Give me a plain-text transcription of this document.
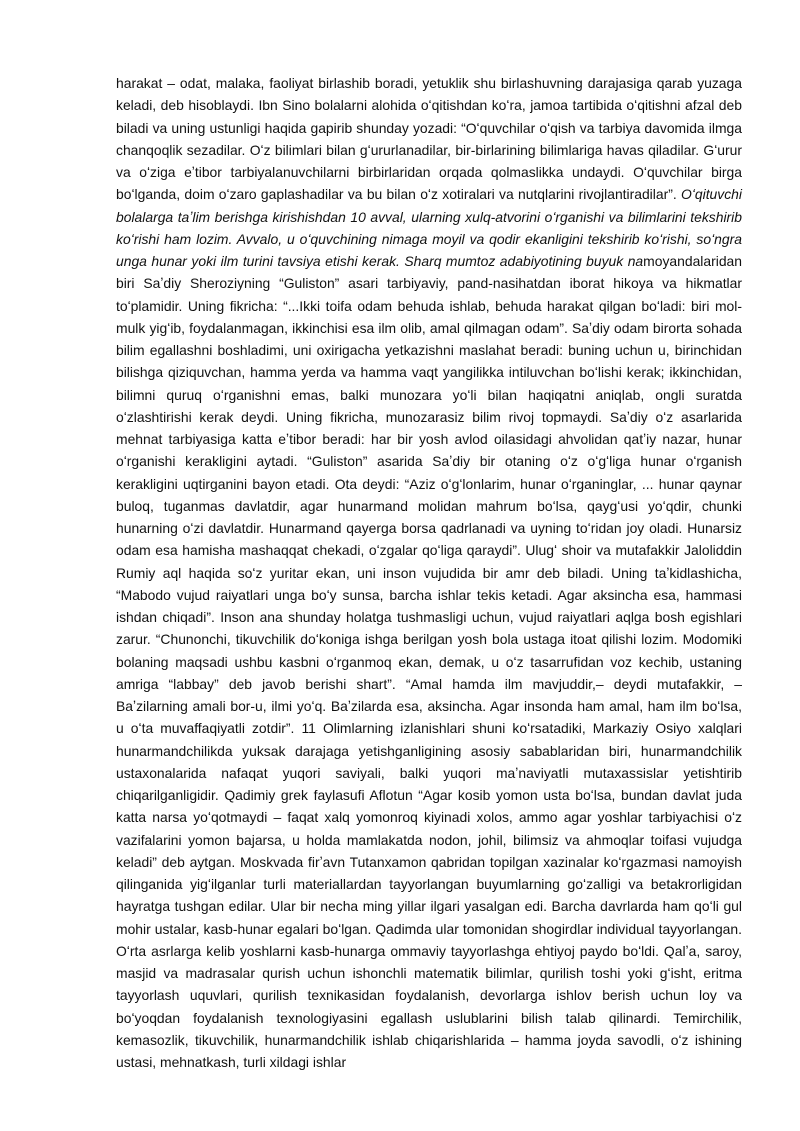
harakat – odat, malaka, faoliyat birlashib boradi, yetuklik shu birlashuvning darajasiga qarab yuzaga keladi, deb hisoblaydi. Ibn Sino bolalarni alohida oʻqitishdan koʻra, jamoa tartibida oʻqitishni afzal deb biladi va uning ustunligi haqida gapirib shunday yozadi: “Oʻquvchilar oʻqish va tarbiya davomida ilmga chanqoqlik sezadilar. Oʻz bilimlari bilan gʻururlanadilar, bir-birlarining bilimlariga havas qiladilar. Gʻurur va oʻziga eʼtibor tarbiyalanuvchilarni birbirlaridan orqada qolmaslikka undaydi. Oʻquvchilar birga boʻlganda, doim oʻzaro gaplashadilar va bu bilan oʻz xotiralari va nutqlarini rivojlantiradilar”. Oʻqituvchi bolalarga taʼlim berishga kirishishdan 10 avval, ularning xulq-atvorini oʻrganishi va bilimlarini tekshirib koʻrishi ham lozim. Avvalo, u oʻquvchining nimaga moyil va qodir ekanligini tekshirib koʻrishi, soʻngra unga hunar yoki ilm turini tavsiya etishi kerak. Sharq mumtoz adabiyotining buyuk namoyandalaridan biri Saʼdiy Sheroziyning “Guliston” asari tarbiyaviy, pand-nasihatdan iborat hikoya va hikmatlar toʻplamidir. Uning fikricha: “...Ikki toifa odam behuda ishlab, behuda harakat qilgan boʻladi: biri mol-mulk yigʻib, foydalanmagan, ikkinchisi esa ilm olib, amal qilmagan odam”. Saʼdiy odam birorta sohada bilim egallashni boshladimi, uni oxirigacha yetkazishni maslahat beradi: buning uchun u, birinchidan bilishga qiziquvchan, hamma yerda va hamma vaqt yangilikka intiluvchan boʻlishi kerak; ikkinchidan, bilimni quruq oʻrganishni emas, balki munozara yoʻli bilan haqiqatni aniqlab, ongli suratda oʻzlashtirishi kerak deydi. Uning fikricha, munozarasiz bilim rivoj topmaydi. Saʼdiy oʻz asarlarida mehnat tarbiyasiga katta eʼtibor beradi: har bir yosh avlod oilasidagi ahvolidan qatʼiy nazar, hunar oʻrganishi kerakligini aytadi. “Guliston” asarida Saʼdiy bir otaning oʻz oʻgʻliga hunar oʻrganish kerakligini uqtirganini bayon etadi. Ota deydi: “Aziz oʻgʻlonlarim, hunar oʻrganinglar, ... hunar qaynar buloq, tuganmas davlatdir, agar hunarmand molidan mahrum boʻlsa, qaygʻusi yoʻqdir, chunki hunarning oʻzi davlatdir. Hunarmand qayerga borsa qadrlanadi va uyning toʻridan joy oladi. Hunarsiz odam esa hamisha mashaqqat chekadi, oʻzgalar qoʻliga qaraydi”. Ulugʻ shoir va mutafakkir Jaloliddin Rumiy aql haqida soʻz yuritar ekan, uni inson vujudida bir amr deb biladi. Uning taʼkidlashicha, “Mabodo vujud raiyatlari unga boʻy sunsa, barcha ishlar tekis ketadi. Agar aksincha esa, hammasi ishdan chiqadi”. Inson ana shunday holatga tushmasligi uchun, vujud raiyatlari aqlga bosh egishlari zarur. “Chunonchi, tikuvchilik doʻkoniga ishga berilgan yosh bola ustaga itoat qilishi lozim. Modomiki bolaning maqsadi ushbu kasbni oʻrganmoq ekan, demak, u oʻz tasarrufidan voz kechib, ustaning amriga “labbay” deb javob berishi shart”. “Amal hamda ilm mavjuddir,– deydi mutafakkir, – Baʼzilarning amali bor-u, ilmi yoʻq. Baʼzilarda esa, aksincha. Agar insonda ham amal, ham ilm boʻlsa, u oʻta muvaffaqiyatli zotdir”. 11 Olimlarning izlanishlari shuni koʻrsatadiki, Markaziy Osiyo xalqlari hunarmandchilikda yuksak darajaga yetishganligining asosiy sabablaridan biri, hunarmandchilik ustaxonalarida nafaqat yuqori saviyali, balki yuqori maʼnaviyatli mutaxassislar yetishtirib chiqarilganligidir. Qadimiy grek faylasufi Aflotun “Agar kosib yomon usta boʻlsa, bundan davlat juda katta narsa yoʻqotmaydi – faqat xalq yomonroq kiyinadi xolos, ammo agar yoshlar tarbiyachisi oʻz vazifalarini yomon bajarsa, u holda mamlakatda nodon, johil, bilimsiz va ahmoqlar toifasi vujudga keladi” deb aytgan. Moskvada firʼavn Tutanxamon qabridan topilgan xazinalar koʻrgazmasi namoyish qilinganida yigʻilganlar turli materiallardan tayyorlangan buyumlarning goʻzalligi va betakrorligidan hayratga tushgan edilar. Ular bir necha ming yillar ilgari yasalgan edi. Barcha davrlarda ham qoʻli gul mohir ustalar, kasb-hunar egalari boʻlgan. Qadimda ular tomonidan shogirdlar individual tayyorlangan. Oʻrta asrlarga kelib yoshlarni kasb-hunarga ommaviy tayyorlashga ehtiyoj paydo boʻldi. Qalʼa, saroy, masjid va madrasalar qurish uchun ishonchli matematik bilimlar, qurilish toshi yoki gʻisht, eritma tayyorlash uquvlari, qurilish texnikasidan foydalanish, devorlarga ishlov berish uchun loy va boʻyoqdan foydalanish texnologiyasini egallash uslublarini bilish talab qilinardi. Temirchilik, kemasozlik, tikuvchilik, hunarmandchilik ishlab chiqarishlarida – hamma joyda savodli, oʻz ishining ustasi, mehnatkash, turli xildagi ishlar
